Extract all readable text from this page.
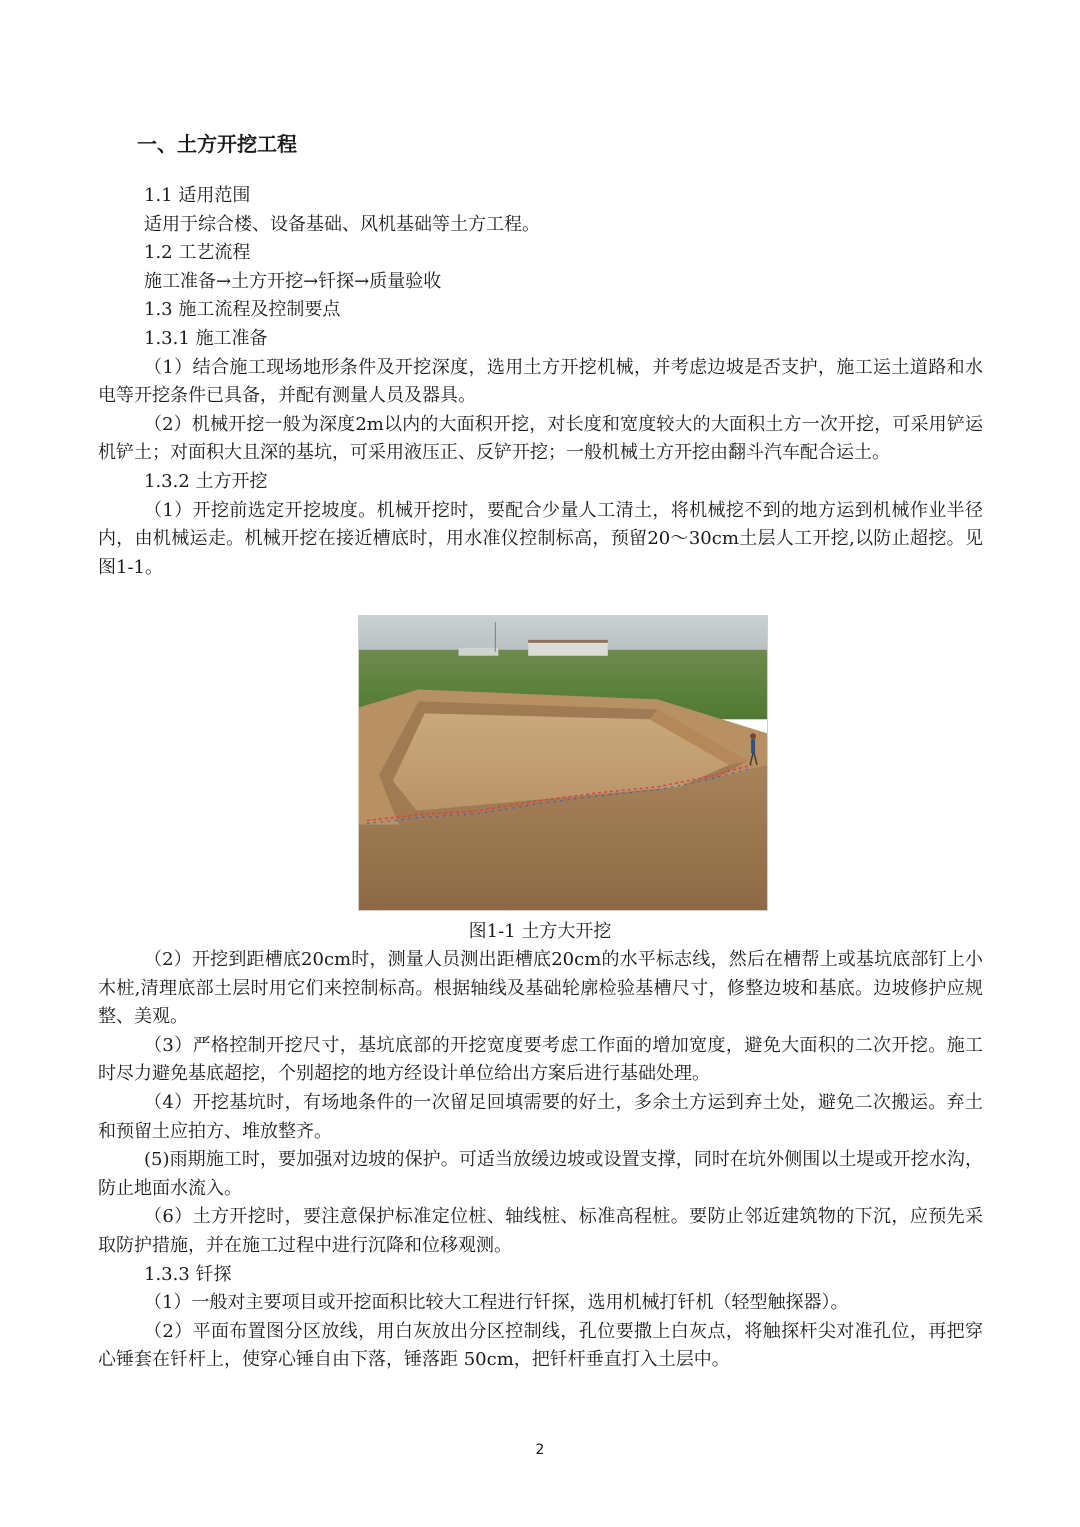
一、土方开挖工程

1.1 适用范围

适用于综合楼、设备基础、风机基础等土方工程。

1.2 工艺流程

施工准备→土方开挖→钎探→质量验收

1.3 施工流程及控制要点

1.3.1 施工准备

（1）结合施工现场地形条件及开挖深度，选用土方开挖机械，并考虑边坡是否支护，施工运土道路和水电等开挖条件已具备，并配有测量人员及器具。

（2）机械开挖一般为深度2m以内的大面积开挖，对长度和宽度较大的大面积土方一次开挖，可采用铲运机铲土；对面积大且深的基坑，可采用液压正、反铲开挖；一般机械土方开挖由翻斗汽车配合运土。

1.3.2 土方开挖

（1）开挖前选定开挖坡度。机械开挖时，要配合少量人工清土，将机械挖不到的地方运到机械作业半径内，由机械运走。机械开挖在接近槽底时，用水准仪控制标高，预留20～30cm土层人工开挖,以防止超挖。见图1-1。

图1-1 土方大开挖

（2）开挖到距槽底20cm时，测量人员测出距槽底20cm的水平标志线，然后在槽帮上或基坑底部钉上小木桩,清理底部土层时用它们来控制标高。根据轴线及基础轮廓检验基槽尺寸，修整边坡和基底。边坡修护应规整、美观。

（3）严格控制开挖尺寸，基坑底部的开挖宽度要考虑工作面的增加宽度，避免大面积的二次开挖。施工时尽力避免基底超挖，个别超挖的地方经设计单位给出方案后进行基础处理。

（4）开挖基坑时，有场地条件的一次留足回填需要的好土，多余土方运到弃土处，避免二次搬运。弃土和预留土应拍方、堆放整齐。

(5)雨期施工时，要加强对边坡的保护。可适当放缓边坡或设置支撑，同时在坑外侧围以土堤或开挖水沟，防止地面水流入。

（6）土方开挖时，要注意保护标准定位桩、轴线桩、标准高程桩。要防止邻近建筑物的下沉，应预先采取防护措施，并在施工过程中进行沉降和位移观测。

1.3.3 钎探

（1）一般对主要项目或开挖面积比较大工程进行钎探，选用机械打钎机（轻型触探器）。

（2）平面布置图分区放线，用白灰放出分区控制线，孔位要撒上白灰点，将触探杆尖对准孔位，再把穿心锤套在钎杆上，使穿心锤自由下落，锤落距 50cm，把钎杆垂直打入土层中。

2
